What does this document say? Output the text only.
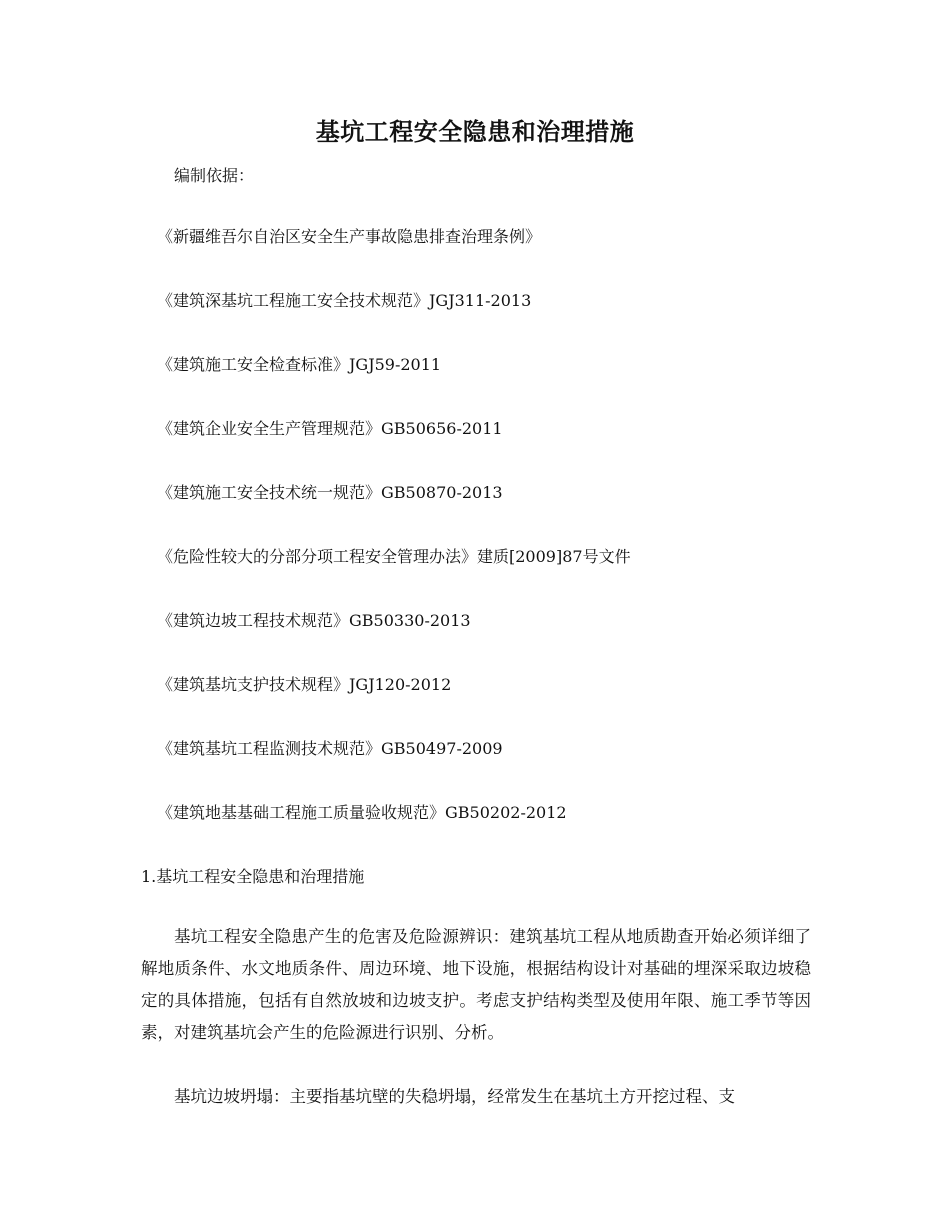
基坑工程安全隐患和治理措施
编制依据：
《新疆维吾尔自治区安全生产事故隐患排查治理条例》
《建筑深基坑工程施工安全技术规范》JGJ311-2013
《建筑施工安全检查标准》JGJ59-2011
《建筑企业安全生产管理规范》GB50656-2011
《建筑施工安全技术统一规范》GB50870-2013
《危险性较大的分部分项工程安全管理办法》建质[2009]87号文件
《建筑边坡工程技术规范》GB50330-2013
《建筑基坑支护技术规程》JGJ120-2012
《建筑基坑工程监测技术规范》GB50497-2009
《建筑地基基础工程施工质量验收规范》GB50202-2012
1.基坑工程安全隐患和治理措施

基坑工程安全隐患产生的危害及危险源辨识：建筑基坑工程从地质勘查开始必须详细了解地质条件、水文地质条件、周边环境、地下设施，根据结构设计对基础的埋深采取边坡稳定的具体措施，包括有自然放坡和边坡支护。考虑支护结构类型及使用年限、施工季节等因素，对建筑基坑会产生的危险源进行识别、分析。

基坑边坡坍塌：主要指基坑壁的失稳坍塌，经常发生在基坑土方开挖过程、支
